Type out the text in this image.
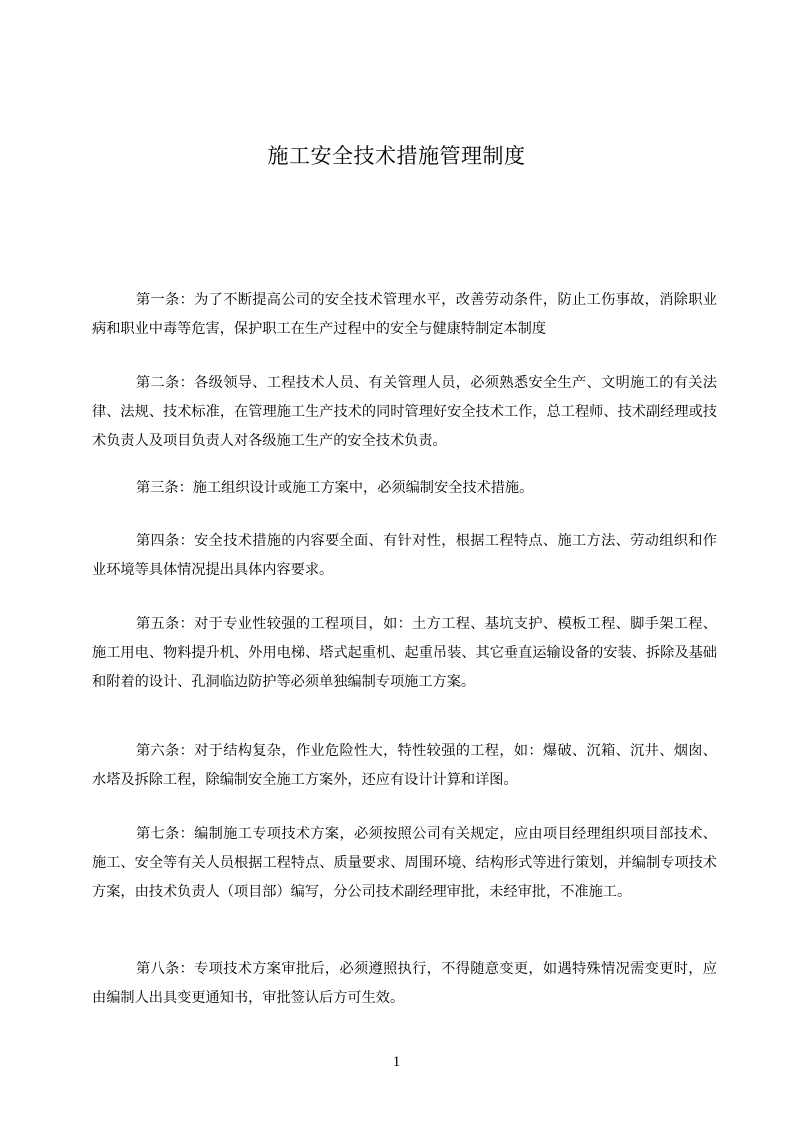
施工安全技术措施管理制度

第一条：为了不断提高公司的安全技术管理水平，改善劳动条件，防止工伤事故，消除职业病和职业中毒等危害，保护职工在生产过程中的安全与健康特制定本制度

第二条：各级领导、工程技术人员、有关管理人员，必须熟悉安全生产、文明施工的有关法律、法规、技术标准，在管理施工生产技术的同时管理好安全技术工作，总工程师、技术副经理或技术负责人及项目负责人对各级施工生产的安全技术负责。

第三条：施工组织设计或施工方案中，必须编制安全技术措施。

第四条：安全技术措施的内容要全面、有针对性，根据工程特点、施工方法、劳动组织和作业环境等具体情况提出具体内容要求。

第五条：对于专业性较强的工程项目，如：土方工程、基坑支护、模板工程、脚手架工程、施工用电、物料提升机、外用电梯、塔式起重机、起重吊装、其它垂直运输设备的安装、拆除及基础和附着的设计、孔洞临边防护等必须单独编制专项施工方案。

第六条：对于结构复杂，作业危险性大，特性较强的工程，如：爆破、沉箱、沉井、烟囱、水塔及拆除工程，除编制安全施工方案外，还应有设计计算和详图。

第七条：编制施工专项技术方案，必须按照公司有关规定，应由项目经理组织项目部技术、施工、安全等有关人员根据工程特点、质量要求、周围环境、结构形式等进行策划，并编制专项技术方案，由技术负责人（项目部）编写，分公司技术副经理审批，未经审批，不准施工。

第八条：专项技术方案审批后，必须遵照执行，不得随意变更，如遇特殊情况需变更时，应由编制人出具变更通知书，审批签认后方可生效。

1
